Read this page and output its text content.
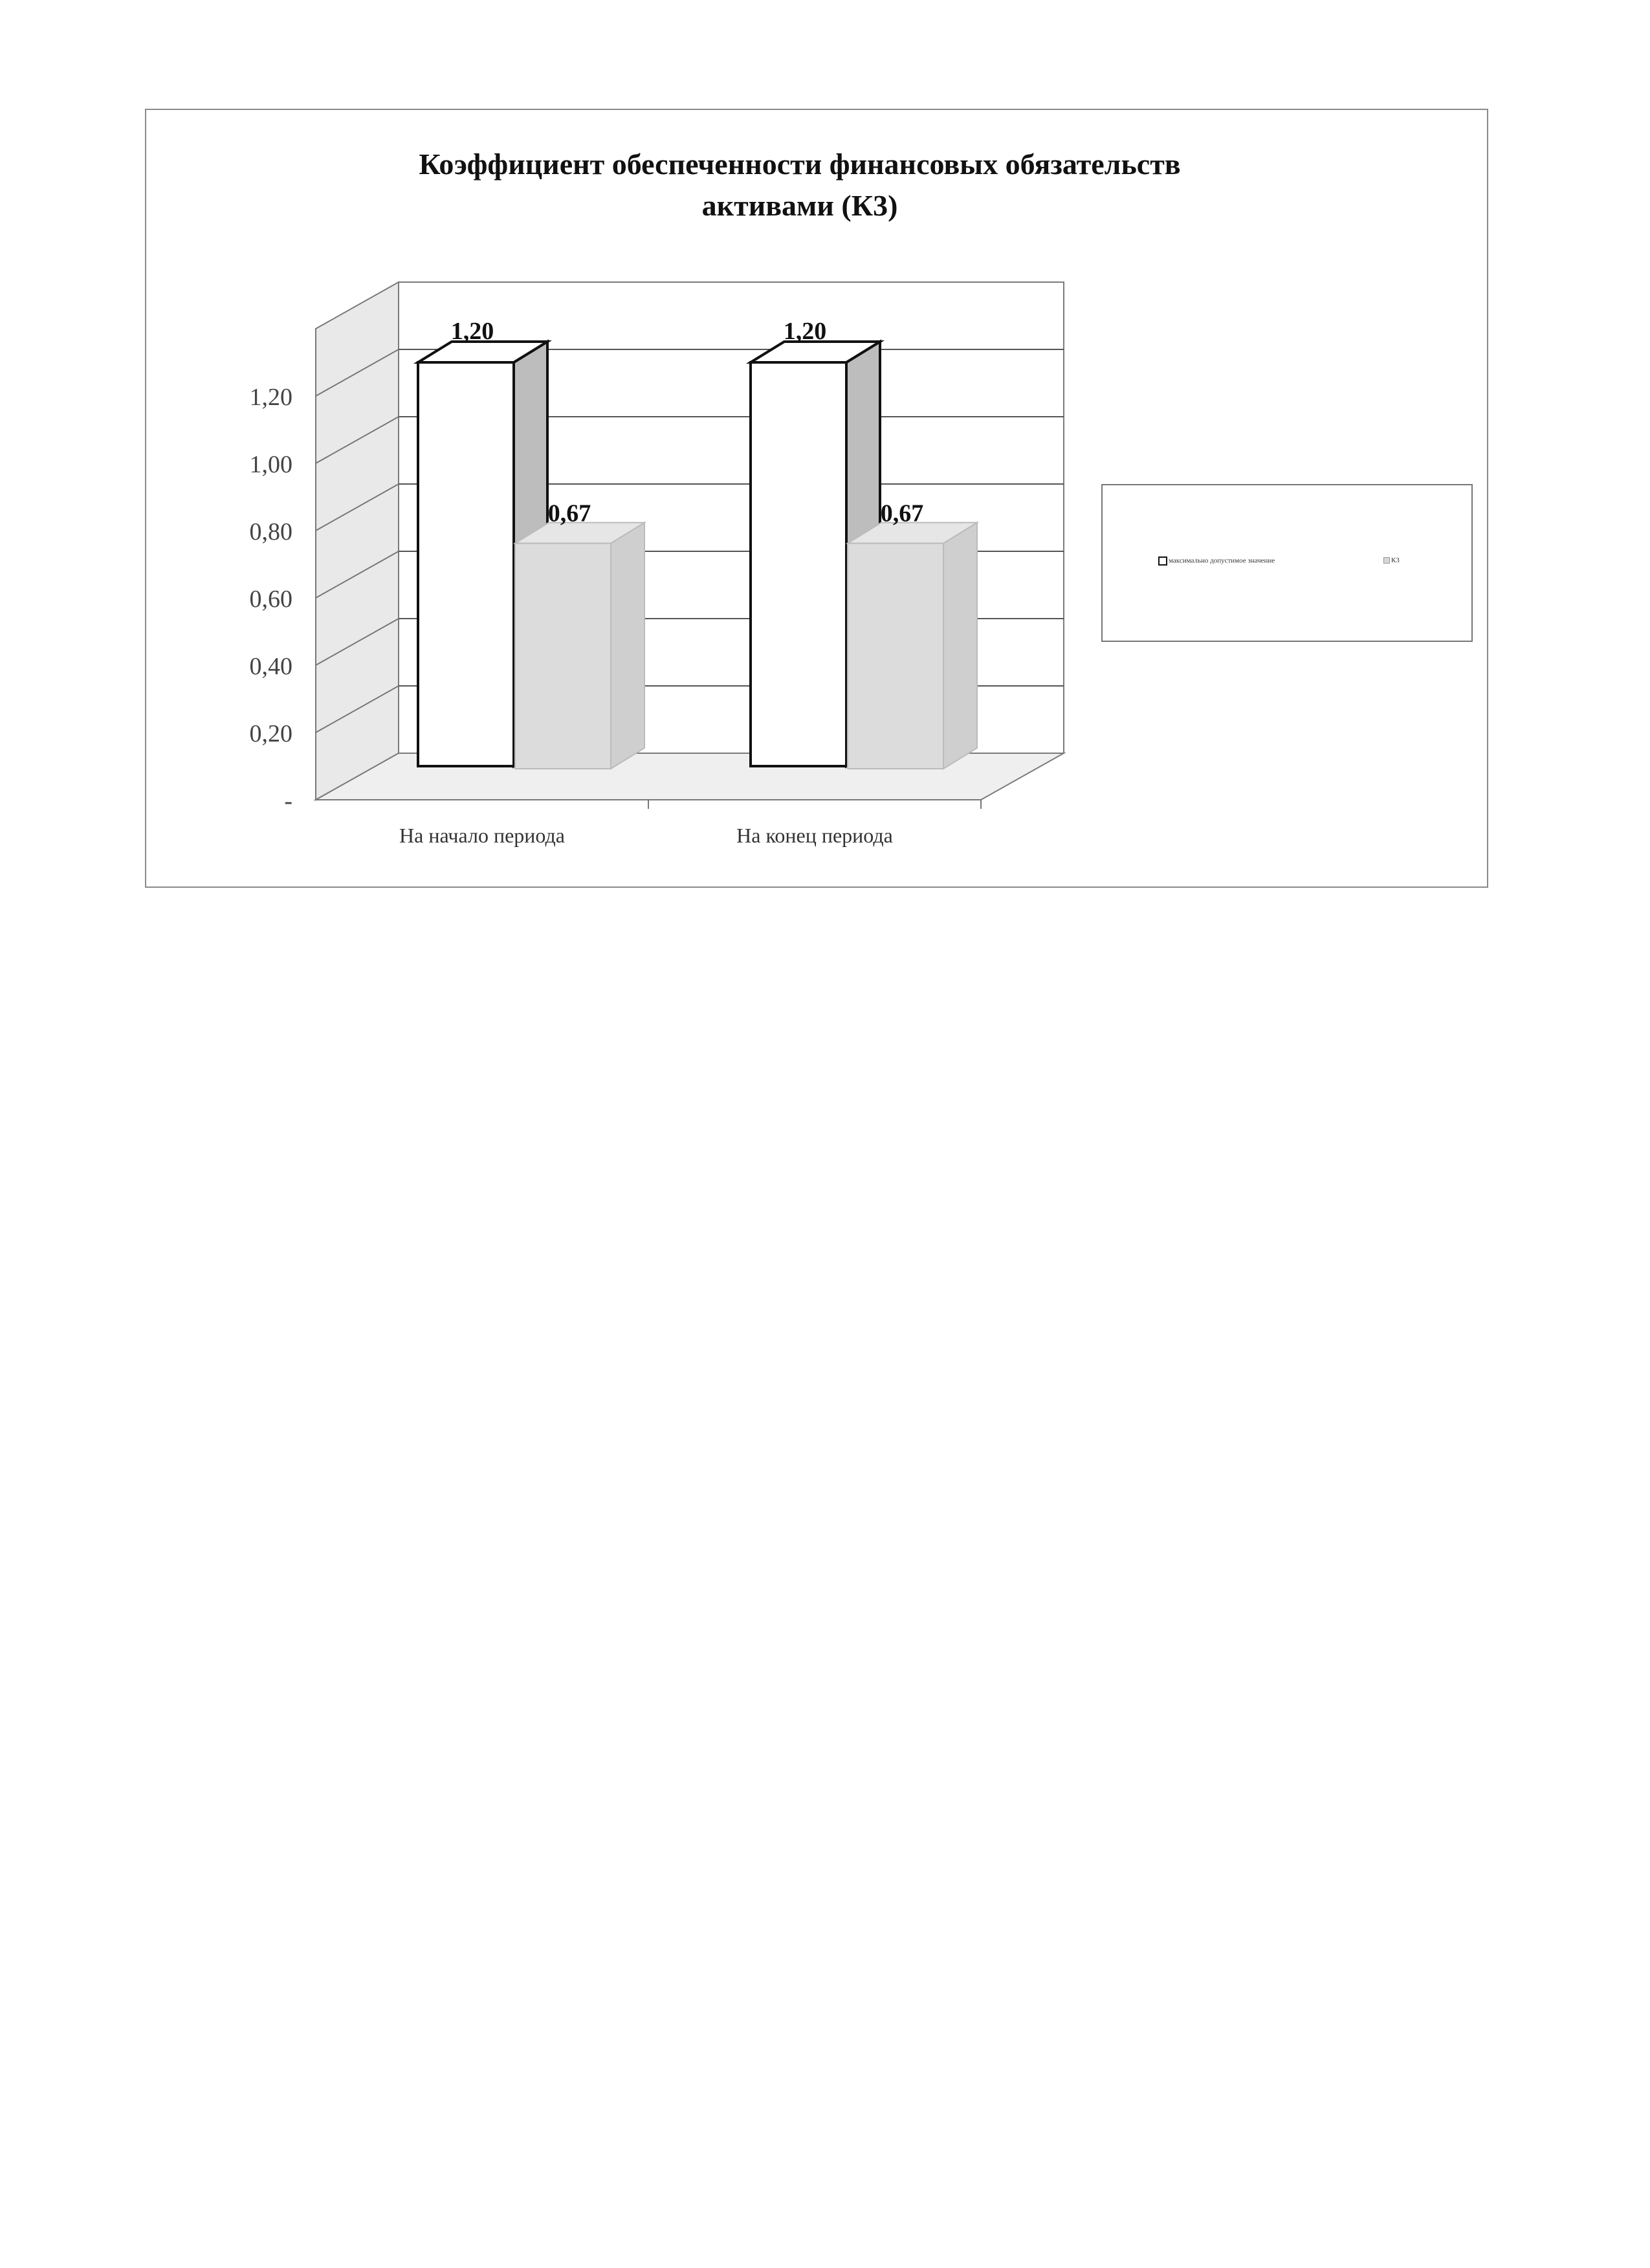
Коэффициент обеспеченности финансовых обязательств
активами (К3)
-
0,20
0,40
0,60
0,80
1,00
1,20
1,20
0,67
На начало периода
1,20
0,67
На конец периода
максимально допустимое значение	К3
